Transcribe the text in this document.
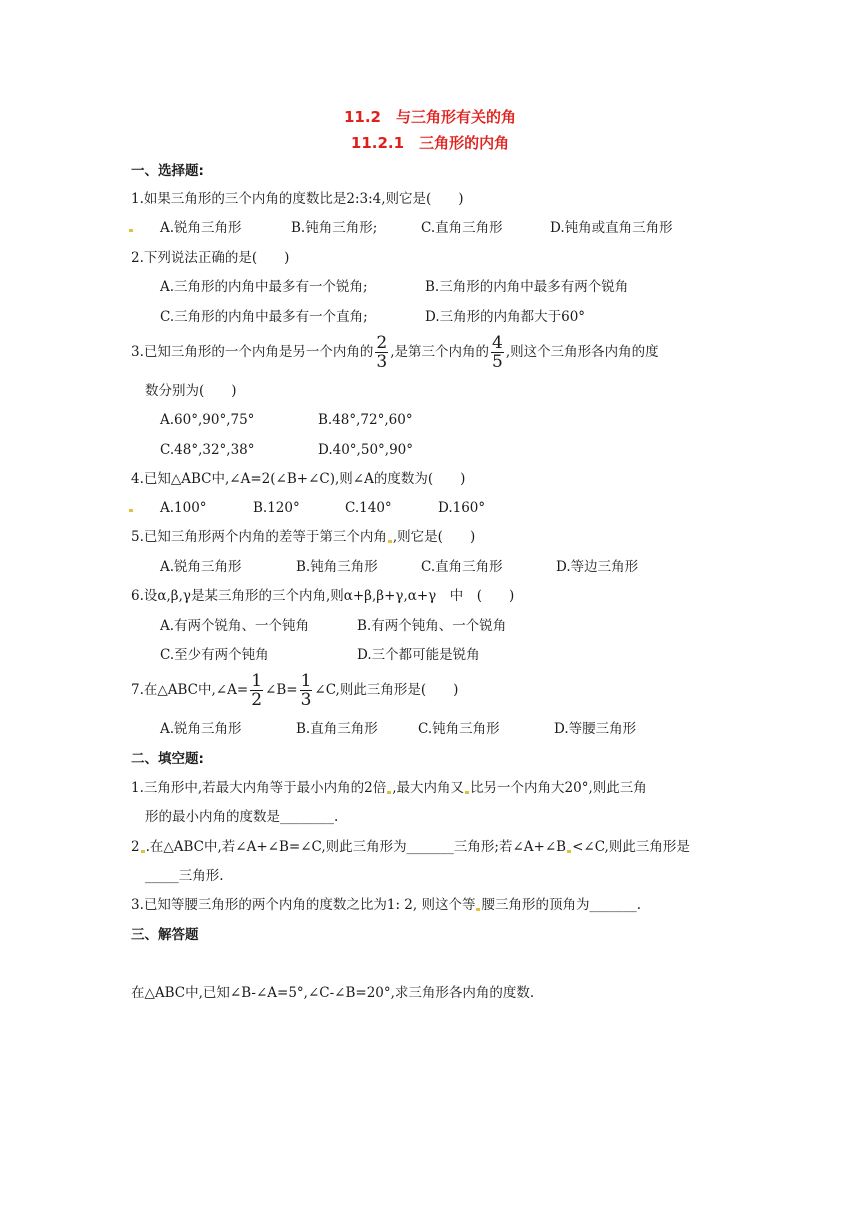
11.2　与三角形有关的角
11.2.1　三角形的内角
一、选择题:
1.如果三角形的三个内角的度数比是2:3:4,则它是(　　)
A.锐角三角形	B.钝角三角形;	C.直角三角形	D.钝角或直角三角形
2.下列说法正确的是(　　)
A.三角形的内角中最多有一个锐角;	B.三角形的内角中最多有两个锐角
C.三角形的内角中最多有一个直角;	D.三角形的内角都大于60°
3.已知三角形的一个内角是另一个内角的 $\frac{2}{3}$ ,是第三个内角的 $\frac{4}{5}$ ,则这个三角形各内角的度
数分别为(　　)
A.60°,90°,75°	B.48°,72°,60°
C.48°,32°,38°	D.40°,50°,90°
4.已知△ABC中,∠A=2(∠B+∠C),则∠A的度数为(　　)
A.100°	B.120°	C.140°	D.160°
5.已知三角形两个内角的差等于第三个内角 ,则它是(　　)
A.锐角三角形	B.钝角三角形	C.直角三角形	D.等边三角形
6.设α,β,γ是某三角形的三个内角,则α+β,β+γ,α+γ　中　(　　)
A.有两个锐角、一个钝角	B.有两个钝角、一个锐角
C.至少有两个钝角	D.三个都可能是锐角
7.在△ABC中,∠A= $\frac{1}{2}$ ∠B= $\frac{1}{3}$ ∠C,则此三角形是(　　)
A.锐角三角形	B.直角三角形	C.钝角三角形	D.等腰三角形
二、填空题:
1.三角形中,若最大内角等于最小内角的2倍 ,最大内角又 比另一个内角大20°,则此三角
形的最小内角的度数是________.
2 .在△ABC中,若∠A+∠B=∠C,则此三角形为_______三角形;若∠A+∠B <∠C,则此三角形是
_____三角形.
3.已知等腰三角形的两个内角的度数之比为1: 2, 则这个等 腰三角形的顶角为_______.
三、解答题
在△ABC中,已知∠B-∠A=5°,∠C-∠B=20°,求三角形各内角的度数.
